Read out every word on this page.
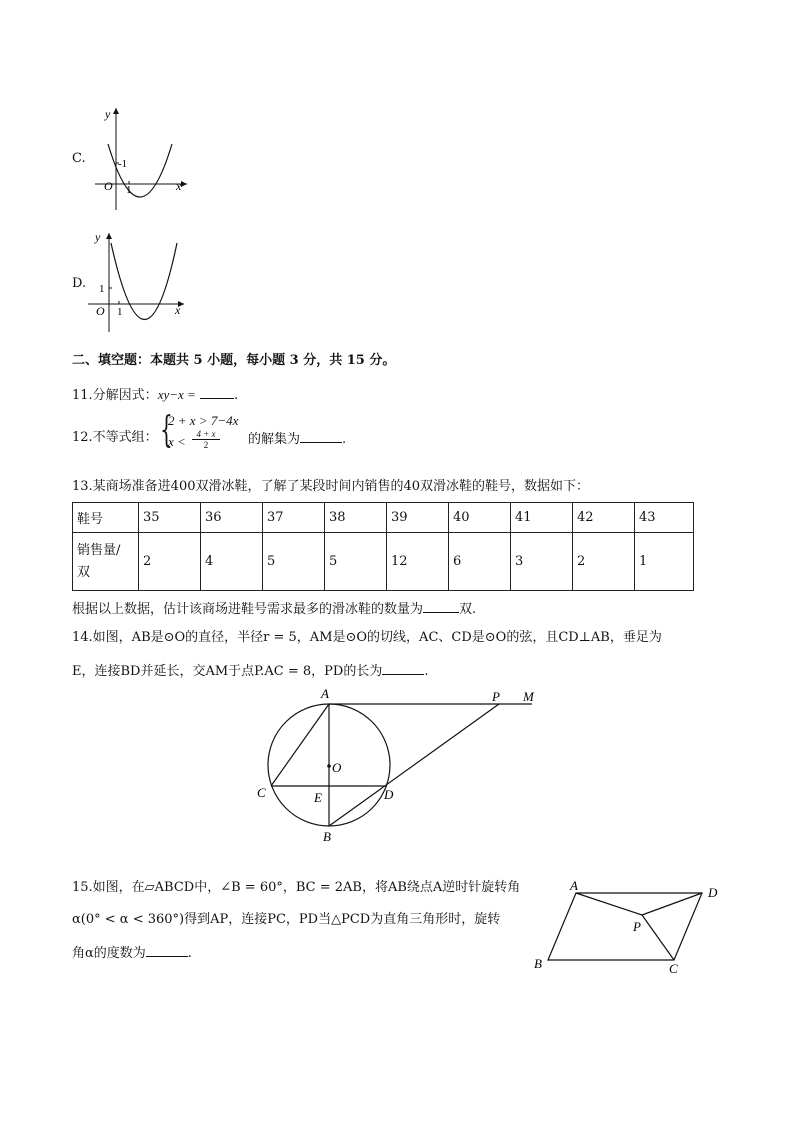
C.
y
x
O 1
-1
D.
y
x
O 1
1
二、填空题：本题共 5 小题，每小题 3 分，共 15 分。
11.分解因式：xy−x =	.
12.不等式组： {
2 + x > 7−4x
$x < \frac{4 + x}{2}$ 的解集为	.
13.某商场准备进400双滑冰鞋，了解了某段时间内销售的40双滑冰鞋的鞋号，数据如下：
鞋号	35	36	37	38	39	40	41	42	43

销售量/
双	2	4	5	5	12	6	3	2	1
根据以上数据，估计该商场进鞋号需求最多的滑冰鞋的数量为	双.
14.如图，AB是⊙O的直径，半径r = 5，AM是⊙O的切线，AC、CD是⊙O的弦，且CD⊥AB，垂足为
E，连接BD并延长，交AM于点P.AC = 8，PD的长为	.
A	P M
O
C	E	D
B
15.如图，在▱ABCD中，∠B = 60°，BC = 2AB，将AB绕点A逆时针旋转角
α(0° < α < 360°)得到AP，连接PC，PD当△PCD为直角三角形时，旋转
角α的度数为	.
A	D
P
B	C
